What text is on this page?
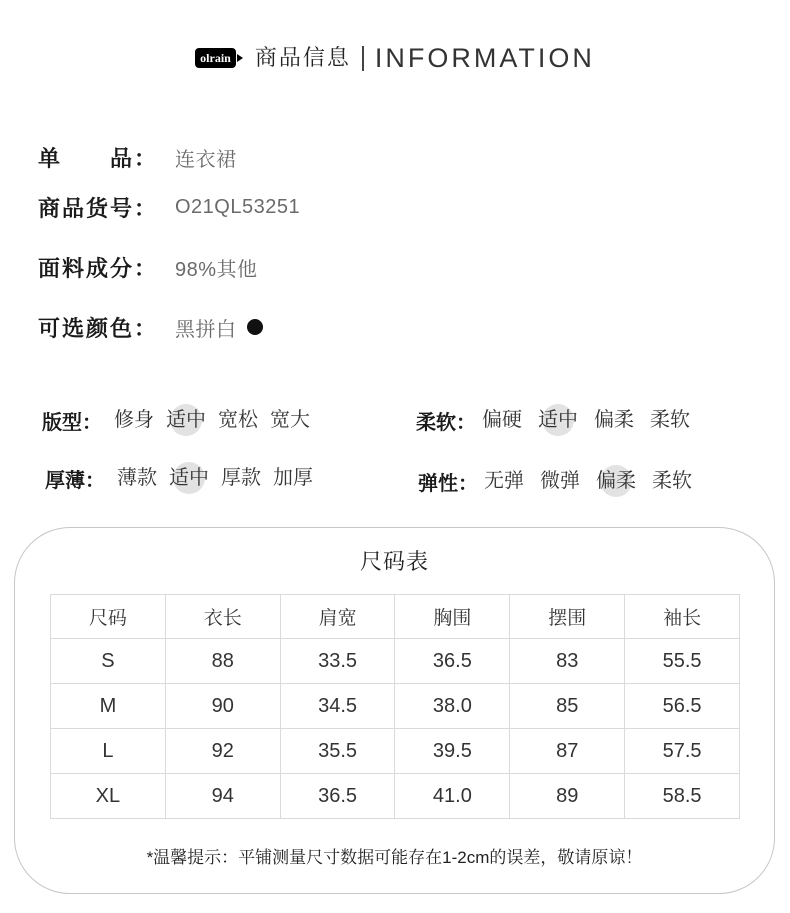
olrain 商品信息 INFORMATION
单　　品： 连衣裙
商品货号： O21QL53251
面料成分： 98%其他
可选颜色： 黑拼白
版型： 修身 适中 宽松 宽大	柔软： 偏硬 适中 偏柔 柔软
厚薄： 薄款 适中 厚款 加厚	弹性： 无弹 微弹 偏柔 柔软
尺码表
尺码	衣长	肩宽	胸围	摆围	袖长
S	88	33.5	36.5	83	55.5
M	90	34.5	38.0	85	56.5
L	92	35.5	39.5	87	57.5
XL	94	36.5	41.0	89	58.5
*温馨提示：平铺测量尺寸数据可能存在1-2cm的误差，敬请原谅！
